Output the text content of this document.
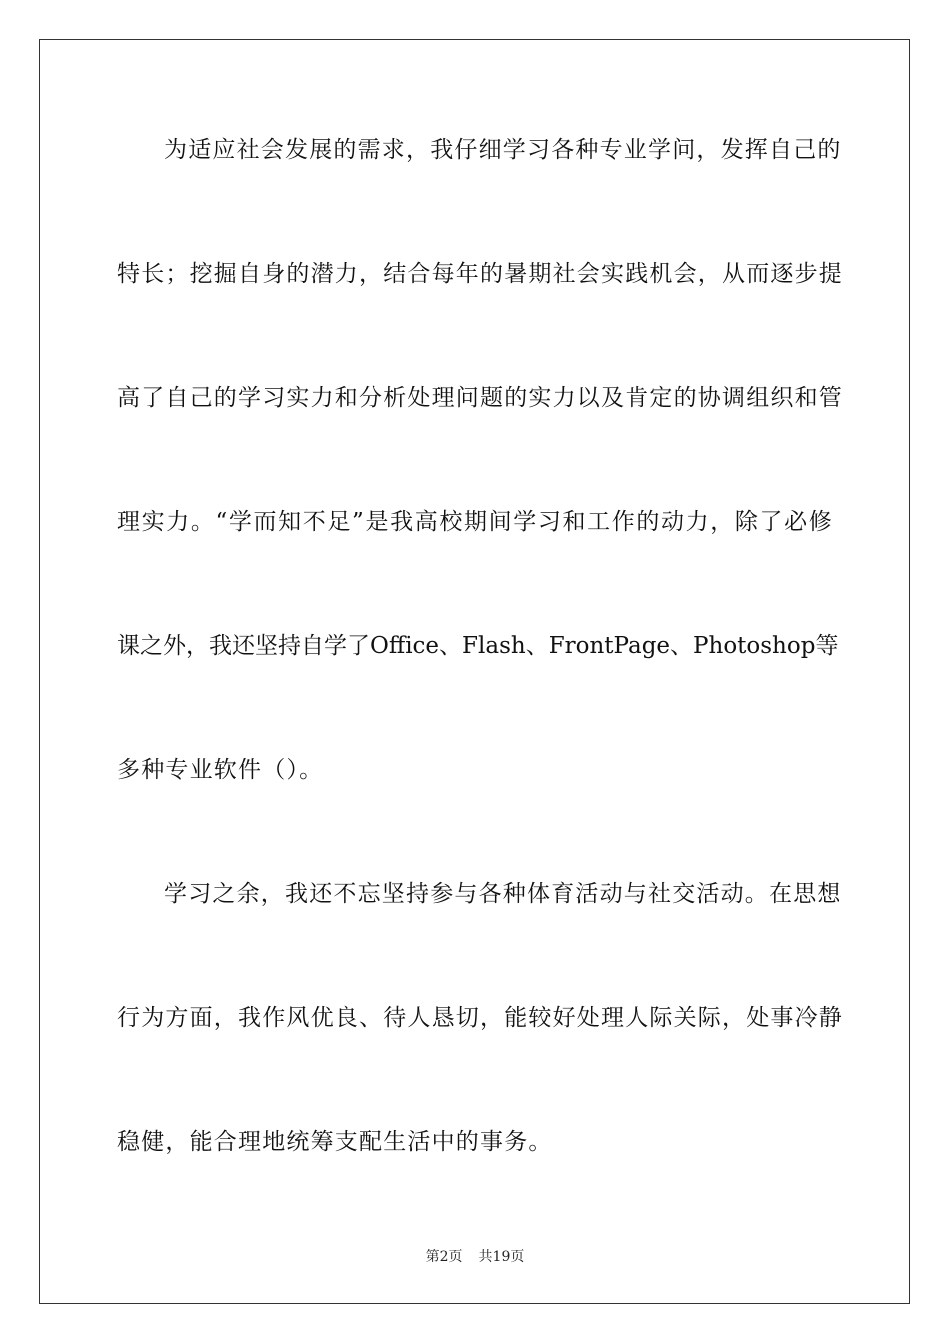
为适应社会发展的需求，我仔细学习各种专业学问，发挥自己的
特长；挖掘自身的潜力，结合每年的暑期社会实践机会，从而逐步提
高了自己的学习实力和分析处理问题的实力以及肯定的协调组织和管
理实力。“学而知不足”是我高校期间学习和工作的动力，除了必修
课之外，我还坚持自学了Office、Flash、FrontPage、Photoshop等
多种专业软件（）。
学习之余，我还不忘坚持参与各种体育活动与社交活动。在思想
行为方面，我作风优良、待人恳切，能较好处理人际关际，处事冷静
稳健，能合理地统筹支配生活中的事务。
第2页 共19页
